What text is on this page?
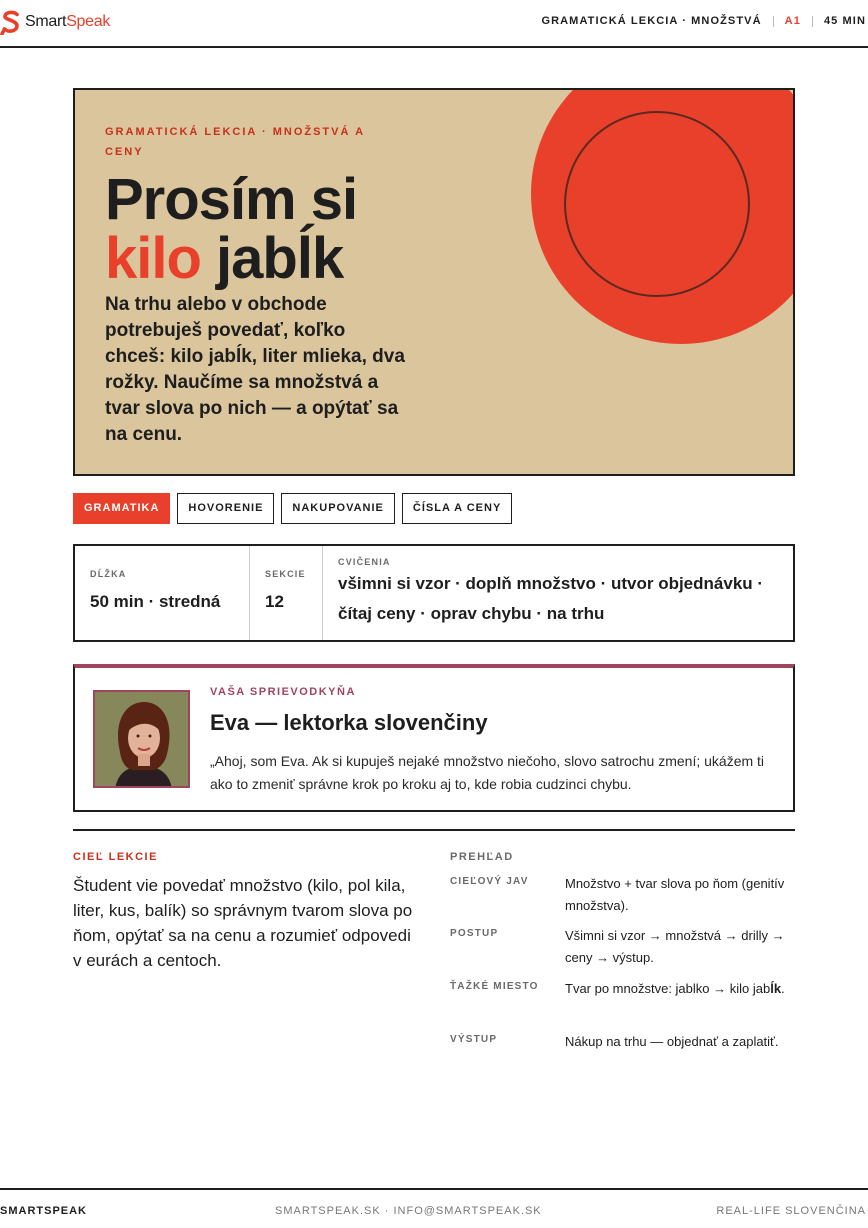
SmartSpeak	GRAMATICKÁ LEKCIA · MNOŽSTVÁ A1 45 MIN
GRAMATICKÁ LEKCIA · MNOŽSTVÁ A CENY
Prosím si
kilo jabĺk

Na trhu alebo v obchode potrebuješ povedať, koľko chceš: kilo jabĺk, liter mlieka, dva rožky. Naučíme sa množstvá a tvar slova po nich — a opýtať sa na cenu.

GRAMATIKA	HOVORENIE	NAKUPOVANIE	ČÍSLA A CENY
DĹŽKA
50 min · stredná
SEKCIE
12
CVIČENIA
všimni si vzor · doplň množstvo · utvor objednávku · čítaj ceny · oprav chybu · na trhu
VAŠA SPRIEVODKYŇA
Eva — lektorka slovenčiny

„Ahoj, som Eva. Ak si kupuješ nejaké množstvo niečoho, slovo satrochu zmení; ukážem ti ako to zmeniť správne krok po kroku aj to, kde robia cudzinci chybu.

CIEĽ LEKCIE

Študent vie povedať množstvo (kilo, pol kila, liter, kus, balík) so správnym tvarom slova po ňom, opýtať sa na cenu a rozumieť odpovedi v eurách a centoch.

PREHĽAD
CIEĽOVÝ JAV	Množstvo + tvar slova po ňom (genitív množstva).
POSTUP	Všimni si vzor → množstvá → drilly → ceny → výstup.
ŤAŽKÉ MIESTO	Tvar po množstve: jablko → kilo jabĺk.
VÝSTUP	Nákup na trhu — objednať a zaplatiť.
SMARTSPEAK	SMARTSPEAK.SK · INFO@SMARTSPEAK.SK	REAL-LIFE SLOVENČINA
